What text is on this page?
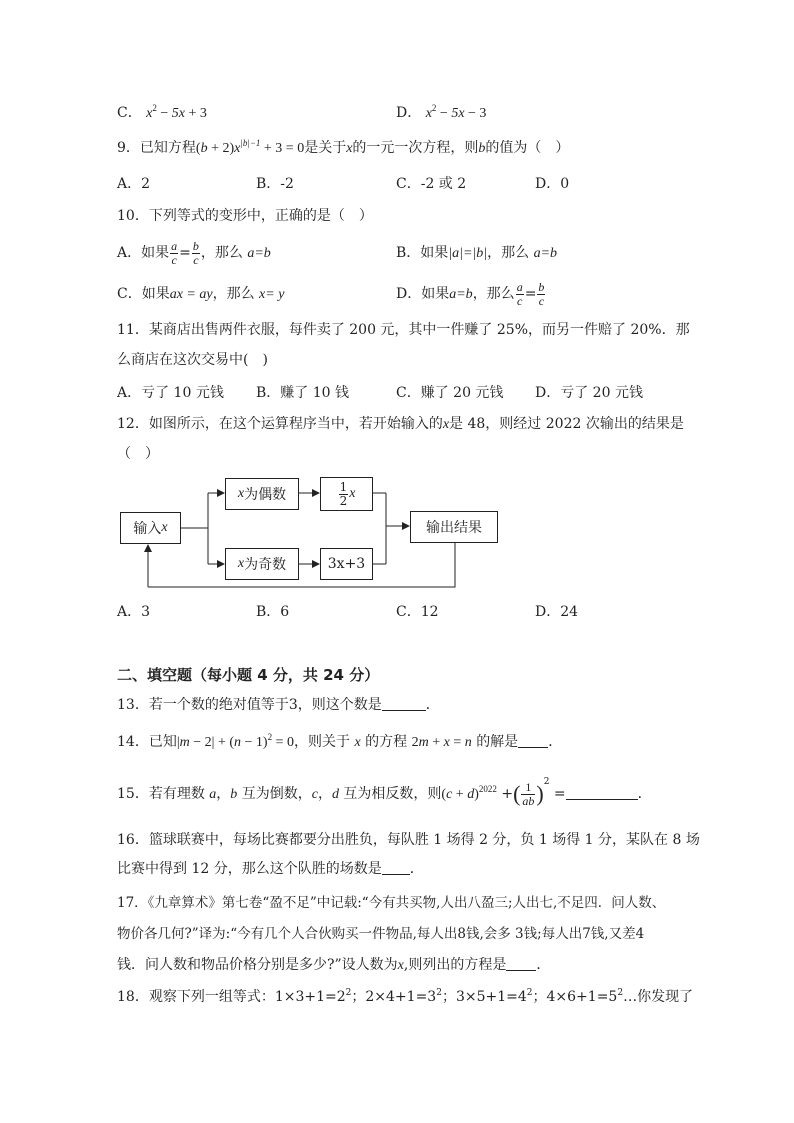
C． $x^2 - 5x + 3$	D． $x^2 - 5x - 3$
9．已知方程$(b + 2)x^{|b|-1} + 3 = 0$是关于x的一元一次方程，则b的值为（　）
A．2	B．-2	C．-2 或 2	D．0
10．下列等式的变形中，正确的是（　）
A．如果 $\frac{a}{c} = \frac{b}{c}$ ，那么 a=b	B．如果|a|=|b|，那么 a=b
C．如果ax = ay，那么 x= y	D．如果a=b，那么 $\frac{a}{c} = \frac{b}{c}$
11．某商店出售两件衣服，每件卖了 200 元，其中一件赚了 25%，而另一件赔了 20%．那
么商店在这次交易中(　)
A．亏了 10 元钱 B．赚了 10 钱	C．赚了 20 元钱 D．亏了 20 元钱
12．如图所示，在这个运算程序当中，若开始输入的x是 48，则经过 2022 次输出的结果是
（　）
输入 x
x 为偶数
x 为奇数
$\frac{1}{2}$ x
3x+3
输出结果
A．3	B．6	C．12	D．24
二、填空题（每小题 4 分，共 24 分）
13．若一个数的绝对值等于3，则这个数是	．
14．已知$|m - 2| + (n - 1)^2 = 0$，则关于 x 的方程 2m + x = n 的解是 ．
15．若有理数 a，b 互为倒数，c，d 互为相反数，则$(c + d)^{2022}$ +( $\frac{1}{ab} )^2$ =	．
16．篮球联赛中，每场比赛都要分出胜负，每队胜 1 场得 2 分，负 1 场得 1 分，某队在 8 场
比赛中得到 12 分，那么这个队胜的场数是 ．
17．《九章算术》第七卷“盈不足”中记载:“今有共买物,人出八盈三;人出七,不足四．问人数、
物价各几何?”译为:“今有几个人合伙购买一件物品,每人出8钱,会多 3钱;每人出7钱,又差4
钱．问人数和物品价格分别是多少?”设人数为x,则列出的方程是 ．
18．观察下列一组等式：$1\times 3+1=2^2$；$2\times 4+1=3^2$；$3\times 5+1=4^2$；$4\times 6+1=5^2\dots$你发现了
